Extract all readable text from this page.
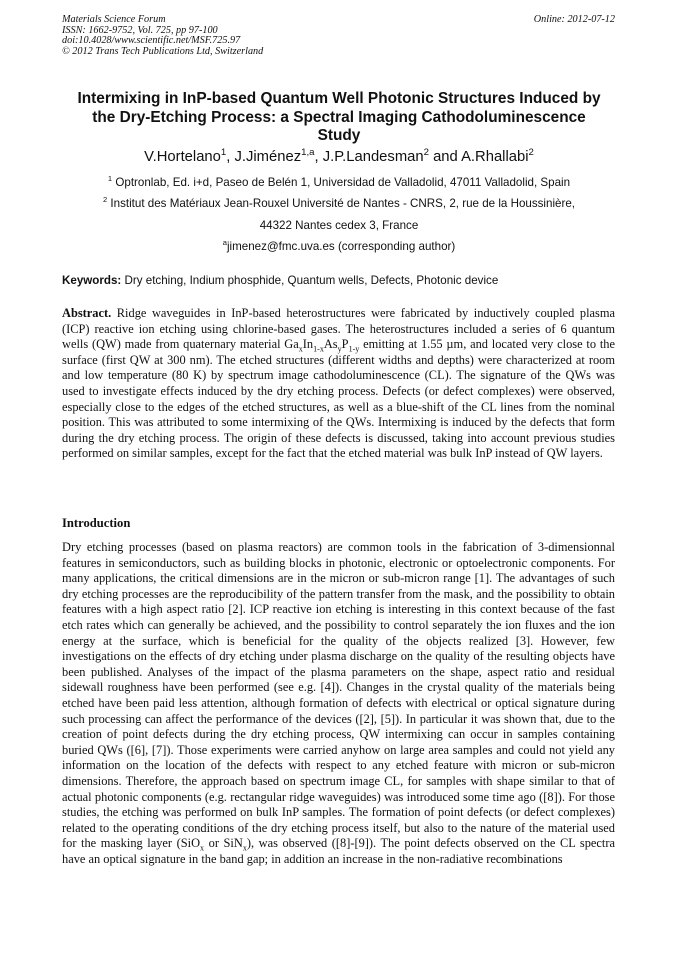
Materials Science Forum
ISSN: 1662-9752, Vol. 725, pp 97-100
doi:10.4028/www.scientific.net/MSF.725.97
© 2012 Trans Tech Publications Ltd, Switzerland
Online: 2012-07-12
Intermixing in InP-based Quantum Well Photonic Structures Induced by
the Dry-Etching Process: a Spectral Imaging Cathodoluminescence
Study
V.Hortelano$^1$, J.Jiménez$^{1,a}$, J.P.Landesman$^2$ and A.Rhallabi$^2$
$^1$ Optronlab, Ed. i+d, Paseo de Belén 1, Universidad de Valladolid, 47011 Valladolid, Spain
$^2$ Institut des Matériaux Jean-Rouxel Université de Nantes - CNRS, 2, rue de la Houssinière,
44322 Nantes cedex 3, France
$^a$jimenez@fmc.uva.es (corresponding author)
Keywords: Dry etching, Indium phosphide, Quantum wells, Defects, Photonic device
Abstract. Ridge waveguides in InP-based heterostructures were fabricated by inductively coupled plasma (ICP) reactive ion etching using chlorine-based gases. The heterostructures included a series of 6 quantum wells (QW) made from quaternary material $Ga_xIn_{1-x}As_yP_{1-y}$ emitting at 1.55 µm, and located very close to the surface (first QW at 300 nm). The etched structures (different widths and depths) were characterized at room and low temperature (80 K) by spectrum image cathodoluminescence (CL). The signature of the QWs was used to investigate effects induced by the dry etching process. Defects (or defect complexes) were observed, especially close to the edges of the etched structures, as well as a blue-shift of the CL lines from the nominal position. This was attributed to some intermixing of the QWs. Intermixing is induced by the defects that form during the dry etching process. The origin of these defects is discussed, taking into account previous studies performed on similar samples, except for the fact that the etched material was bulk InP instead of QW layers.
Introduction
Dry etching processes (based on plasma reactors) are common tools in the fabrication of 3-dimensionnal features in semiconductors, such as building blocks in photonic, electronic or optoelectronic components. For many applications, the critical dimensions are in the micron or sub-micron range [1]. The advantages of such dry etching processes are the reproducibility of the pattern transfer from the mask, and the possibility to obtain features with a high aspect ratio [2]. ICP reactive ion etching is interesting in this context because of the fast etch rates which can generally be achieved, and the possibility to control separately the ion fluxes and the ion energy at the surface, which is beneficial for the quality of the objects realized [3]. However, few investigations on the effects of dry etching under plasma discharge on the quality of the resulting objects have been published. Analyses of the impact of the plasma parameters on the shape, aspect ratio and residual sidewall roughness have been performed (see e.g. [4]). Changes in the crystal quality of the materials being etched have been paid less attention, although formation of defects with electrical or optical signature during such processing can affect the performance of the devices ([2], [5]). In particular it was shown that, due to the creation of point defects during the dry etching process, QW intermixing can occur in samples containing buried QWs ([6], [7]). Those experiments were carried anyhow on large area samples and could not yield any information on the location of the defects with respect to any etched feature with micron or sub-micron dimensions. Therefore, the approach based on spectrum image CL, for samples with shape similar to that of actual photonic components (e.g. rectangular ridge waveguides) was introduced some time ago ([8]). For those studies, the etching was performed on bulk InP samples. The formation of point defects (or defect complexes) related to the operating conditions of the dry etching process itself, but also to the nature of the material used for the masking layer (SiO$_x$ or SiN$_x$), was observed ([8]-[9]). The point defects observed on the CL spectra have an optical signature in the band gap; in addition an increase in the non-radiative recombinations
